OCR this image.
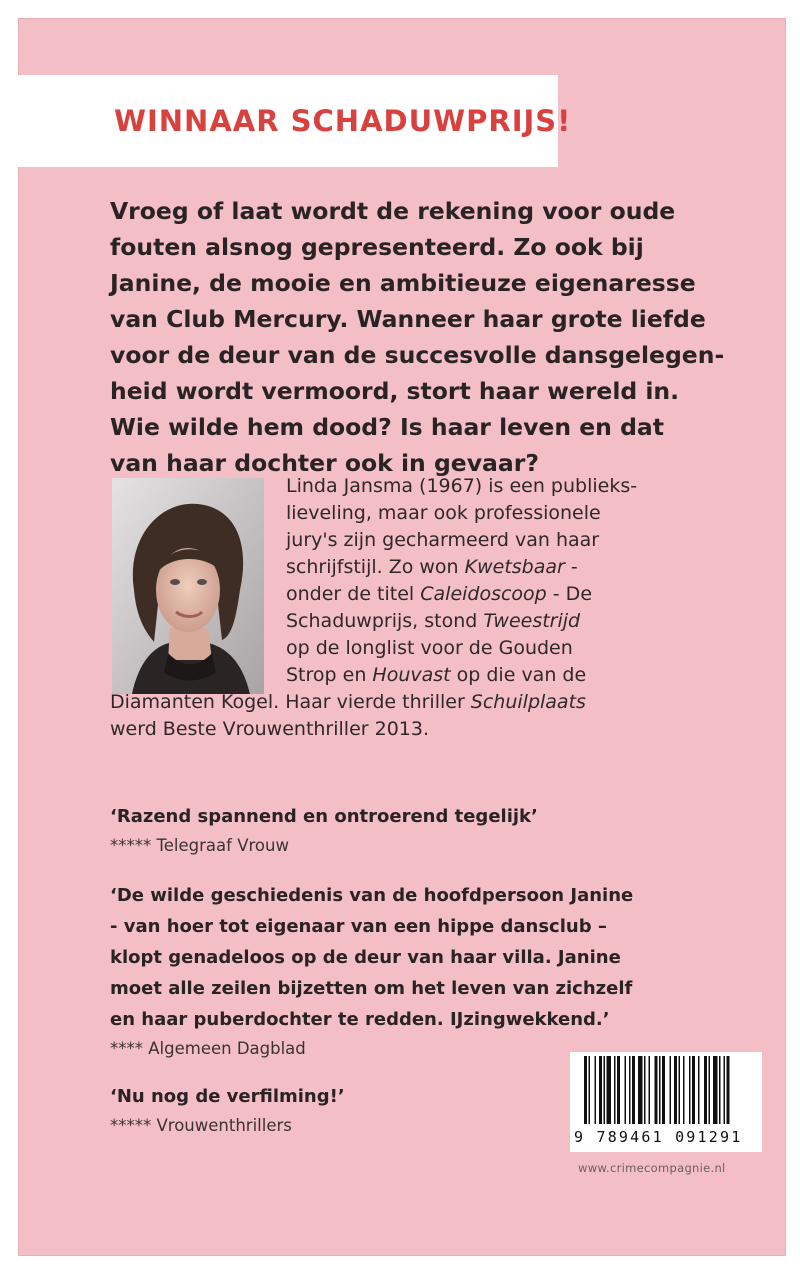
WINNAAR SCHADUWPRIJS!
Vroeg of laat wordt de rekening voor oude
fouten alsnog gepresenteerd. Zo ook bij
Janine, de mooie en ambitieuze eigenaresse
van Club Mercury. Wanneer haar grote liefde
voor de deur van de succesvolle dansgelegen-
heid wordt vermoord, stort haar wereld in.
Wie wilde hem dood? Is haar leven en dat
van haar dochter ook in gevaar?
Linda Jansma (1967) is een publieks-
lieveling, maar ook professionele
jury's zijn gecharmeerd van haar
schrijfstijl. Zo won Kwetsbaar -
onder de titel Caleidoscoop - De
Schaduwprijs, stond Tweestrijd
op de longlist voor de Gouden
Strop en Houvast op die van de
Diamanten Kogel. Haar vierde thriller Schuilplaats
werd Beste Vrouwenthriller 2013.
‘Razend spannend en ontroerend tegelijk’
***** Telegraaf Vrouw
‘De wilde geschiedenis van de hoofdpersoon Janine
- van hoer tot eigenaar van een hippe dansclub –
klopt genadeloos op de deur van haar villa. Janine
moet alle zeilen bijzetten om het leven van zichzelf
en haar puberdochter te redden. IJzingwekkend.’
**** Algemeen Dagblad
‘Nu nog de verfilming!’
***** Vrouwenthrillers
9 789461 091291
www.crimecompagnie.nl
